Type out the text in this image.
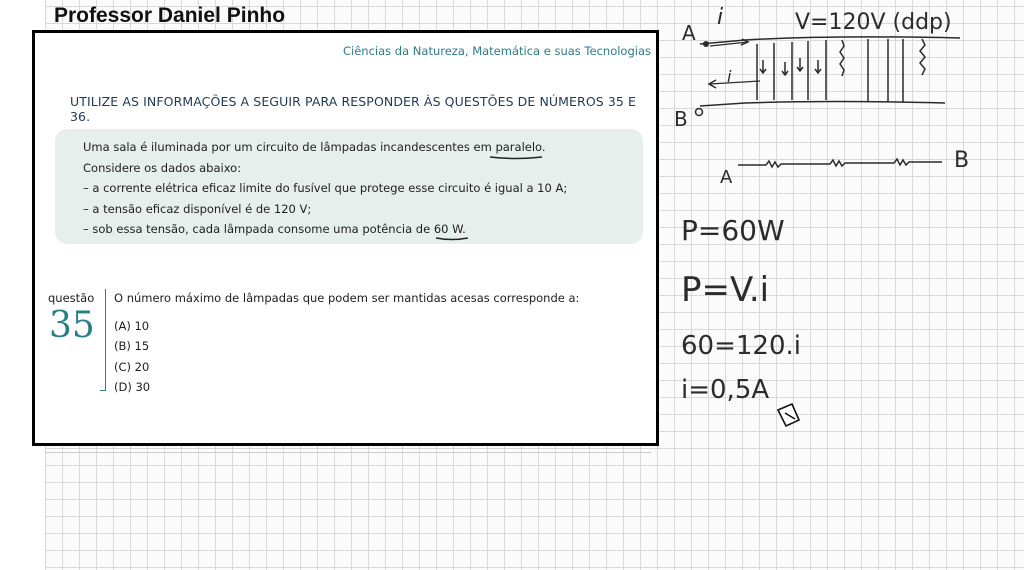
Professor Daniel Pinho
Ciências da Natureza, Matemática e suas Tecnologias
UTILIZE AS INFORMAÇÕES A SEGUIR PARA RESPONDER ÀS QUESTÕES DE NÚMEROS 35 E 36.

Uma sala é iluminada por um circuito de lâmpadas incandescentes em paralelo.
Considere os dados abaixo:
– a corrente elétrica eficaz limite do fusível que protege esse circuito é igual a 10 A;
– a tensão eficaz disponível é de 120 V;
– sob essa tensão, cada lâmpada consome uma potência de 60 W.

questão
35
O número máximo de lâmpadas que podem ser mantidas acesas corresponde a:
(A) 10
(B) 15
(C) 20
(D) 30
A
B
i
i
V=120V (ddp)
A
B
P=60W
P=V.i
60=120.i
i=0,5A
